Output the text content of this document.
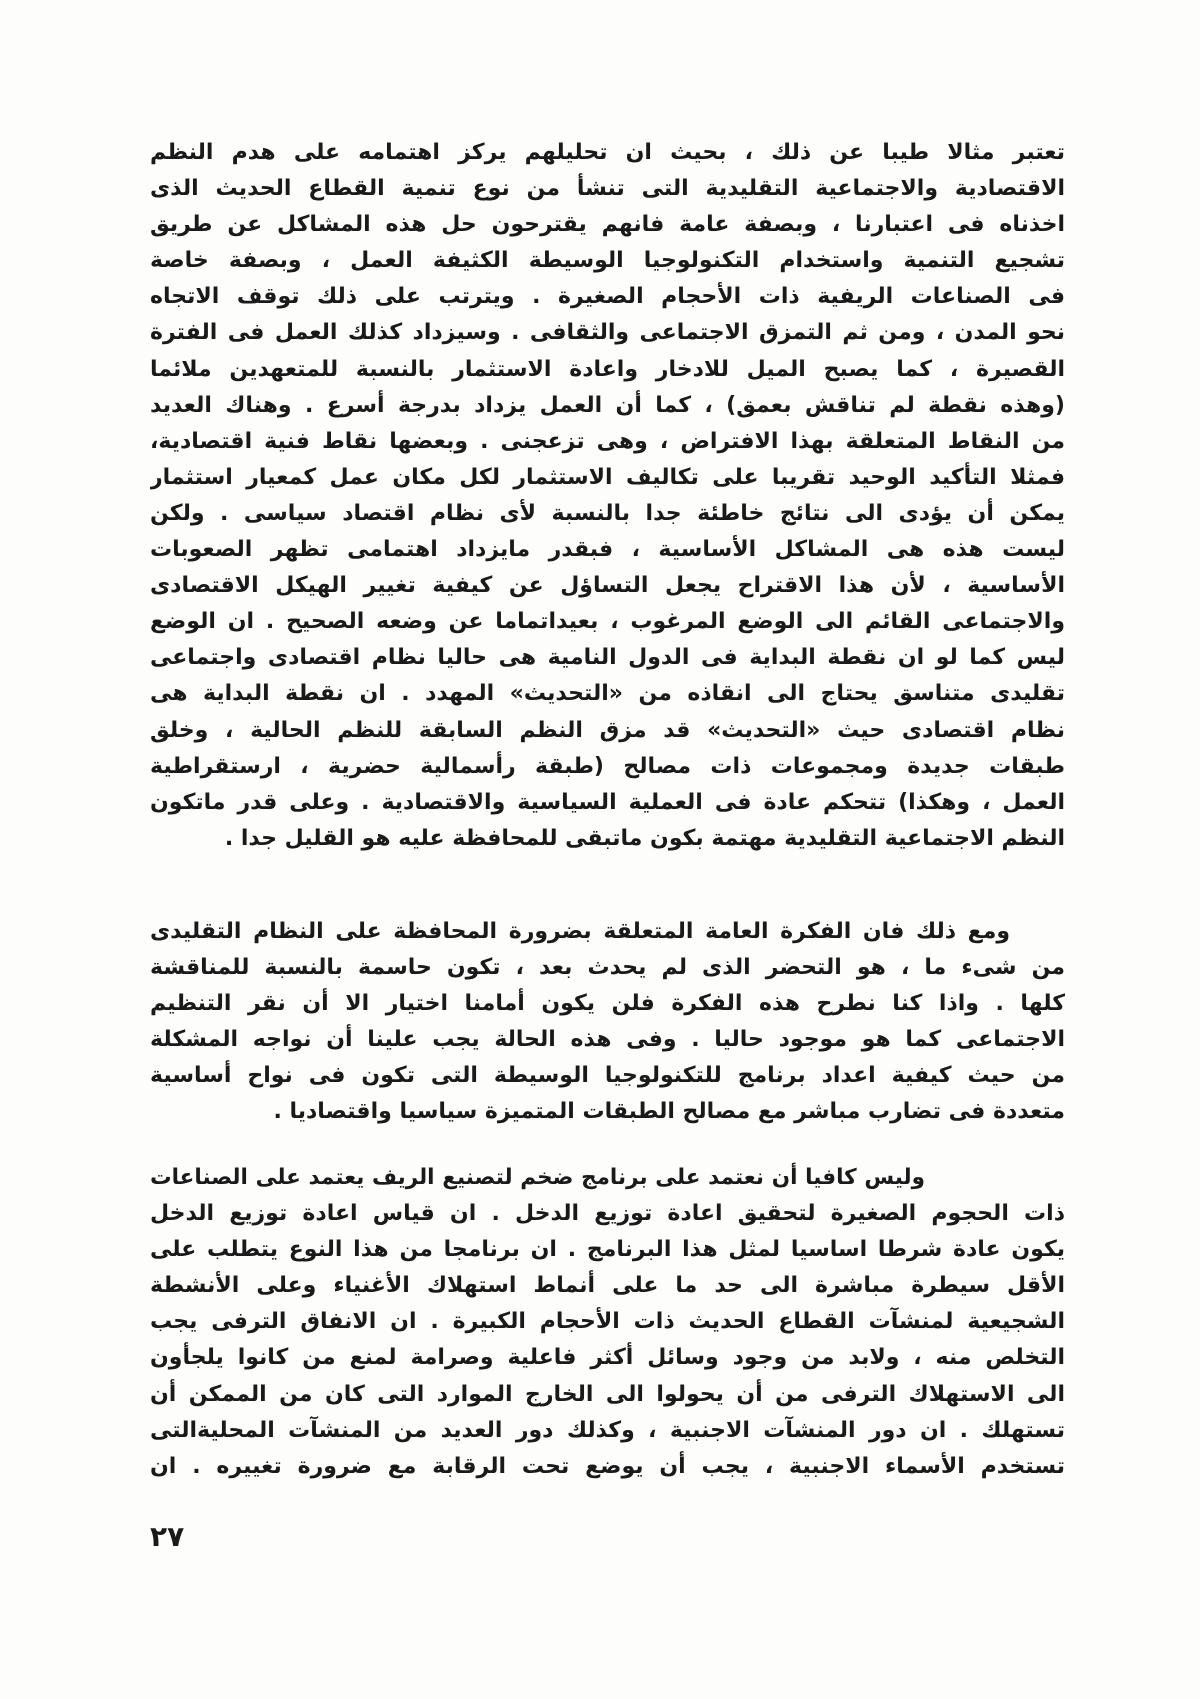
تعتبر مثالا طيبا عن ذلك ، بحيث ان تحليلهم يركز اهتمامه على هدم النظم
الاقتصادية والاجتماعية التقليدية التى تنشأ من نوع تنمية القطاع الحديث الذى
اخذناه فى اعتبارنا ، وبصفة عامة فانهم يقترحون حل هذه المشاكل عن طريق
تشجيع التنمية واستخدام التكنولوجيا الوسيطة الكثيفة العمل ، وبصفة خاصة
فى الصناعات الريفية ذات الأحجام الصغيرة . ويترتب على ذلك توقف الاتجاه
نحو المدن ، ومن ثم التمزق الاجتماعى والثقافى . وسيزداد كذلك العمل فى الفترة
القصيرة ، كما يصبح الميل للادخار واعادة الاستثمار بالنسبة للمتعهدين ملائما
(وهذه نقطة لم تناقش بعمق) ، كما أن العمل يزداد بدرجة أسرع . وهناك العديد
من النقاط المتعلقة بهذا الافتراض ، وهى تزعجنى . وبعضها نقاط فنية اقتصادية،
فمثلا التأكيد الوحيد تقريبا على تكاليف الاستثمار لكل مكان عمل كمعيار استثمار
يمكن أن يؤدى الى نتائج خاطئة جدا بالنسبة لأى نظام اقتصاد سياسى . ولكن
ليست هذه هى المشاكل الأساسية ، فبقدر مايزداد اهتمامى تظهر الصعوبات
الأساسية ، لأن هذا الاقتراح يجعل التساؤل عن كيفية تغيير الهيكل الاقتصادى
والاجتماعى القائم الى الوضع المرغوب ، بعيداتماما عن وضعه الصحيح . ان الوضع
ليس كما لو ان نقطة البداية فى الدول النامية هى حاليا نظام اقتصادى واجتماعى
تقليدى متناسق يحتاج الى انقاذه من «التحديث» المهدد . ان نقطة البداية هى
نظام اقتصادى حيث «التحديث» قد مزق النظم السابقة للنظم الحالية ، وخلق
طبقات جديدة ومجموعات ذات مصالح (طبقة رأسمالية حضرية ، ارستقراطية
العمل ، وهكذا) تتحكم عادة فى العملية السياسية والاقتصادية . وعلى قدر ماتكون
النظم الاجتماعية التقليدية مهتمة بكون ماتبقى للمحافظة عليه هو القليل جدا .
ومع ذلك فان الفكرة العامة المتعلقة بضرورة المحافظة على النظام التقليدى
من شىء ما ، هو التحضر الذى لم يحدث بعد ، تكون حاسمة بالنسبة للمناقشة
كلها . واذا كنا نطرح هذه الفكرة فلن يكون أمامنا اختيار الا أن نقر التنظيم
الاجتماعى كما هو موجود حاليا . وفى هذه الحالة يجب علينا أن نواجه المشكلة
من حيث كيفية اعداد برنامج للتكنولوجيا الوسيطة التى تكون فى نواح أساسية
متعددة فى تضارب مباشر مع مصالح الطبقات المتميزة سياسيا واقتصاديا .
وليس كافيا أن نعتمد على برنامج ضخم لتصنيع الريف يعتمد على الصناعات
ذات الحجوم الصغيرة لتحقيق اعادة توزيع الدخل . ان قياس اعادة توزيع الدخل
يكون عادة شرطا اساسيا لمثل هذا البرنامج . ان برنامجا من هذا النوع يتطلب على
الأقل سيطرة مباشرة الى حد ما على أنماط استهلاك الأغنياء وعلى الأنشطة
الشجيعية لمنشآت القطاع الحديث ذات الأحجام الكبيرة . ان الانفاق الترفى يجب
التخلص منه ، ولابد من وجود وسائل أكثر فاعلية وصرامة لمنع من كانوا يلجأون
الى الاستهلاك الترفى من أن يحولوا الى الخارج الموارد التى كان من الممكن أن
تستهلك . ان دور المنشآت الاجنبية ، وكذلك دور العديد من المنشآت المحليةالتى
تستخدم الأسماء الاجنبية ، يجب أن يوضع تحت الرقابة مع ضرورة تغييره . ان
٢٧
